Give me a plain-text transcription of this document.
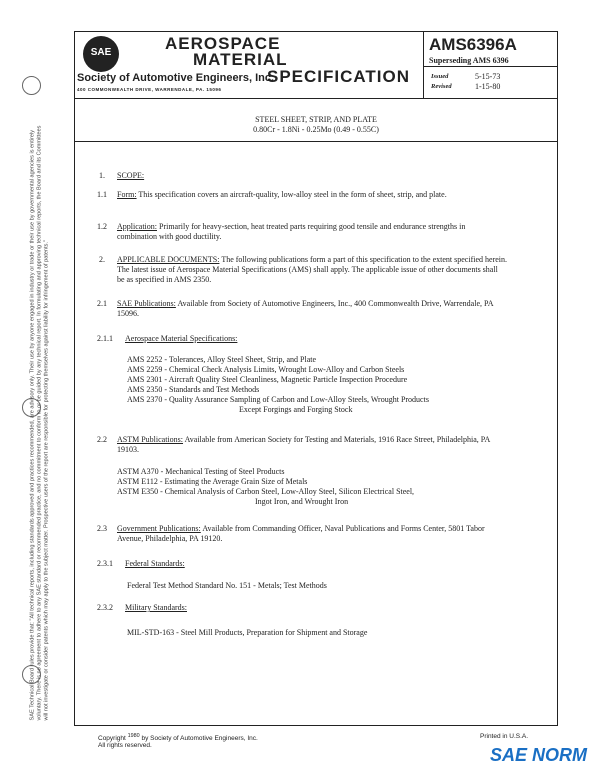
SAE Technical Board rules provide that: "All technical reports, including standards approved and practices recommended, are advisory only. Their use by anyone engaged in industry or trade or their use by governmental agencies is entirely voluntary. There is no agreement to adhere to any SAE standard or recommended practice, and no commitment to conform to or be guided by any technical report. In formulating and approving technical reports, the Board and its Committees will not investigate or consider patents which may apply to the subject matter. Prospective users of the report are responsible for protecting themselves against liability for infringement of patents."
SAE	AEROSPACE
MATERIAL
SPECIFICATION
Society of Automotive Engineers, Inc.
400 COMMONWEALTH DRIVE, WARRENDALE, PA. 15096
AMS6396A
Superseding AMS 6396
Issued	5-15-73
Revised	1-15-80
STEEL SHEET, STRIP, AND PLATE
0.80Cr - 1.8Ni - 0.25Mo (0.49 - 0.55C)
1. SCOPE:
1.1 Form: This specification covers an aircraft-quality, low-alloy steel in the form of sheet, strip, and plate.
1.2 Application: Primarily for heavy-section, heat treated parts requiring good tensile and endurance strengths in combination with good ductility.
2. APPLICABLE DOCUMENTS: The following publications form a part of this specification to the extent specified herein. The latest issue of Aerospace Material Specifications (AMS) shall apply. The applicable issue of other documents shall be as specified in AMS 2350.
2.1 SAE Publications: Available from Society of Automotive Engineers, Inc., 400 Commonwealth Drive, Warrendale, PA 15096.
2.1.1 Aerospace Material Specifications:
AMS 2252 - Tolerances, Alloy Steel Sheet, Strip, and Plate
AMS 2259 - Chemical Check Analysis Limits, Wrought Low-Alloy and Carbon Steels
AMS 2301 - Aircraft Quality Steel Cleanliness, Magnetic Particle Inspection Procedure
AMS 2350 - Standards and Test Methods
AMS 2370 - Quality Assurance Sampling of Carbon and Low-Alloy Steels, Wrought Products
Except Forgings and Forging Stock
2.2 ASTM Publications: Available from American Society for Testing and Materials, 1916 Race Street, Philadelphia, PA 19103.
ASTM A370 - Mechanical Testing of Steel Products
ASTM E112 - Estimating the Average Grain Size of Metals
ASTM E350 - Chemical Analysis of Carbon Steel, Low-Alloy Steel, Silicon Electrical Steel,
Ingot Iron, and Wrought Iron
2.3 Government Publications: Available from Commanding Officer, Naval Publications and Forms Center, 5801 Tabor Avenue, Philadelphia, PA 19120.
2.3.1 Federal Standards:
Federal Test Method Standard No. 151 - Metals; Test Methods
2.3.2 Military Standards:
MIL-STD-163 - Steel Mill Products, Preparation for Shipment and Storage
Copyright $^{1980}$ by Society of Automotive Engineers, Inc.
All rights reserved.
Printed in U.S.A.
SAE NORM
